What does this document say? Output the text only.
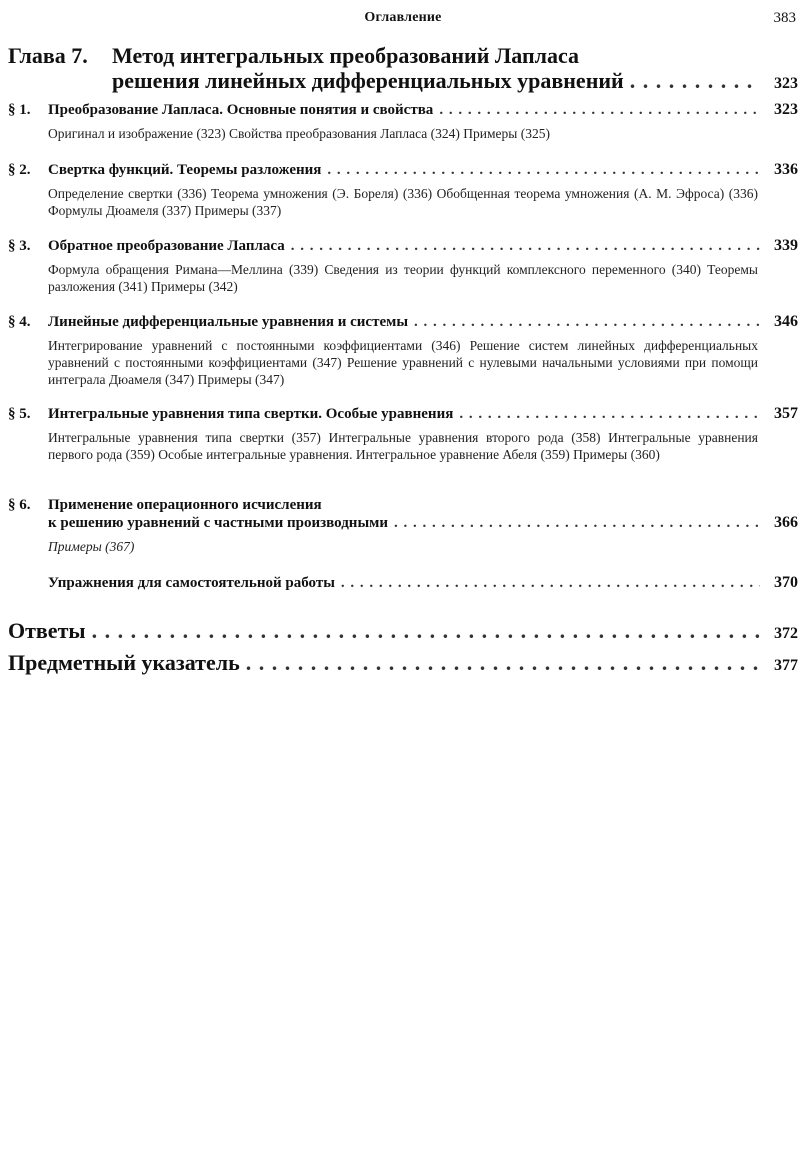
Оглавление	383
Глава 7. Метод интегральных преобразований Лапласа
решения линейных дифференциальных уравнений . . .	323
§ 1.	Преобразование Лапласа. Основные понятия и свойства . . .	323
Оригинал и изображение (323) Свойства преобразования Лапласа (324) Примеры (325)
§ 2.	Свертка функций. Теоремы разложения . . .	336
Определение свертки (336) Теорема умножения (Э. Бореля) (336) Обобщенная теорема умножения (А. М. Эфроса) (336) Формулы Дюамеля (337) Примеры (337)
§ 3.	Обратное преобразование Лапласа . . .	339
Формула обращения Римана—Меллина (339) Сведения из теории функций комплексного переменного (340) Теоремы разложения (341) Примеры (342)
§ 4.	Линейные дифференциальные уравнения и системы . . .	346
Интегрирование уравнений с постоянными коэффициентами (346) Решение систем линейных дифференциальных уравнений с постоянными коэффициентами (347) Решение уравнений с нулевыми начальными условиями при помощи интеграла Дюамеля (347) Примеры (347)
§ 5.	Интегральные уравнения типа свертки. Особые уравнения . . .	357
Интегральные уравнения типа свертки (357) Интегральные уравнения второго рода (358) Интегральные уравнения первого рода (359) Особые интегральные уравнения. Интегральное уравнение Абеля (359) Примеры (360)
§ 6. Применение операционного исчисления
к решению уравнений с частными производными . . .	366
Примеры (367)
Упражнения для самостоятельной работы . . .	370
Ответы . . .	372
Предметный указатель . . .	377
